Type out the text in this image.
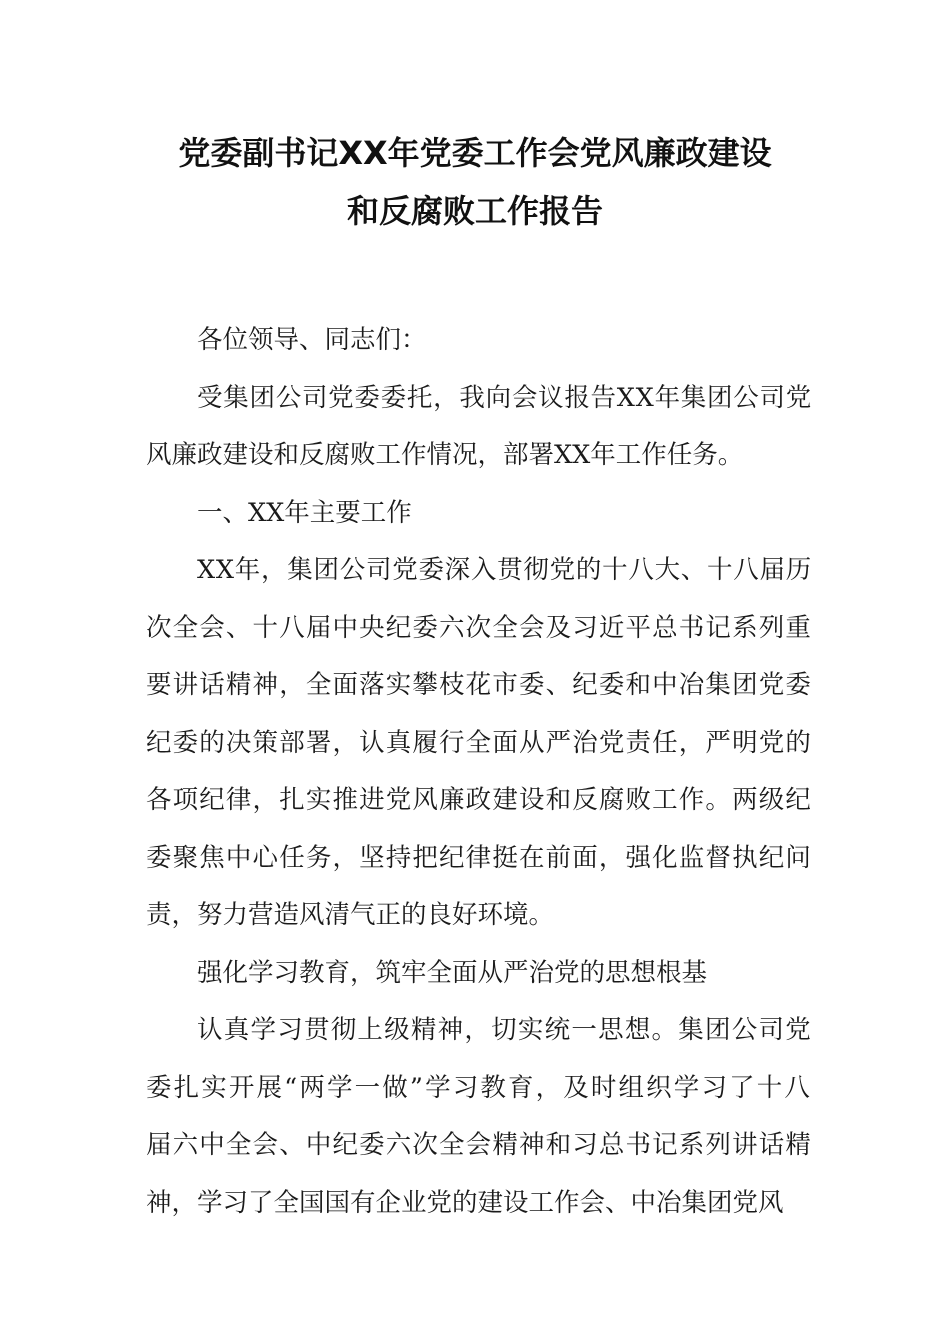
党委副书记XX年党委工作会党风廉政建设
和反腐败工作报告
各位领导、同志们：
受集团公司党委委托，我向会议报告XX年集团公司党
风廉政建设和反腐败工作情况，部署XX年工作任务。
一、XX年主要工作
XX年，集团公司党委深入贯彻党的十八大、十八届历
次全会、十八届中央纪委六次全会及习近平总书记系列重
要讲话精神，全面落实攀枝花市委、纪委和中冶集团党委
纪委的决策部署，认真履行全面从严治党责任，严明党的
各项纪律，扎实推进党风廉政建设和反腐败工作。两级纪
委聚焦中心任务，坚持把纪律挺在前面，强化监督执纪问
责，努力营造风清气正的良好环境。
强化学习教育，筑牢全面从严治党的思想根基
认真学习贯彻上级精神，切实统一思想。集团公司党
委扎实开展“两学一做”学习教育，及时组织学习了十八
届六中全会、中纪委六次全会精神和习总书记系列讲话精
神，学习了全国国有企业党的建设工作会、中冶集团党风
